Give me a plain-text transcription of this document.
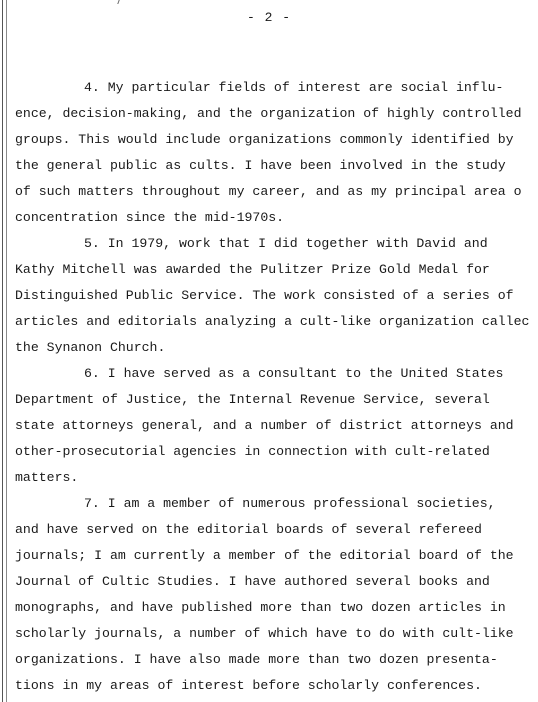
- 2 -
4. My particular fields of interest are social influ-
ence, decision-making, and the organization of highly controlled
groups. This would include organizations commonly identified by
the general public as cults. I have been involved in the study
of such matters throughout my career, and as my principal area o
concentration since the mid-1970s.
5. In 1979, work that I did together with David and
Kathy Mitchell was awarded the Pulitzer Prize Gold Medal for
Distinguished Public Service. The work consisted of a series of
articles and editorials analyzing a cult-like organization callec
the Synanon Church.
6. I have served as a consultant to the United States
Department of Justice, the Internal Revenue Service, several
state attorneys general, and a number of district attorneys and
other-prosecutorial agencies in connection with cult-related
matters.
7. I am a member of numerous professional societies,
and have served on the editorial boards of several refereed
journals; I am currently a member of the editorial board of the
Journal of Cultic Studies. I have authored several books and
monographs, and have published more than two dozen articles in
scholarly journals, a number of which have to do with cult-like
organizations. I have also made more than two dozen presenta-
tions in my areas of interest before scholarly conferences.
